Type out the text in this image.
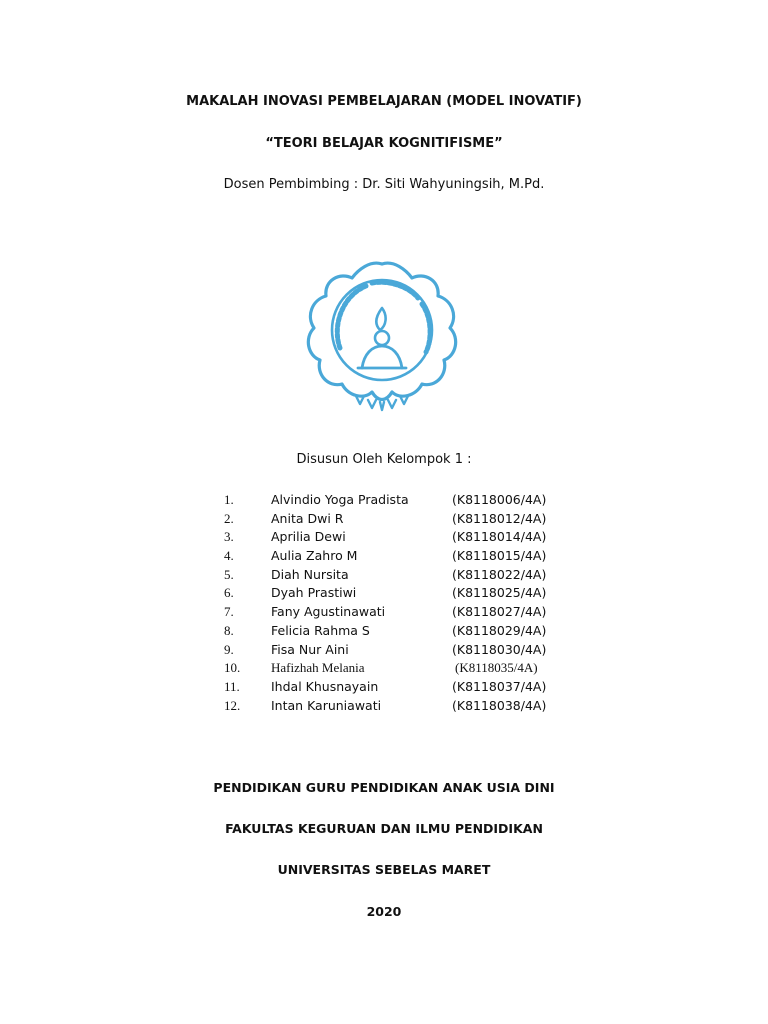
MAKALAH INOVASI PEMBELAJARAN (MODEL INOVATIF)
“TEORI BELAJAR KOGNITIFISME”
Dosen Pembimbing : Dr. Siti Wahyuningsih, M.Pd.
Disusun Oleh Kelompok 1 :
1.	Alvindio Yoga Pradista	(K8118006/4A)
2.	Anita Dwi R	(K8118012/4A)
3.	Aprilia Dewi	(K8118014/4A)
4.	Aulia Zahro M	(K8118015/4A)
5.	Diah Nursita	(K8118022/4A)
6.	Dyah Prastiwi	(K8118025/4A)
7.	Fany Agustinawati	(K8118027/4A)
8.	Felicia Rahma S	(K8118029/4A)
9.	Fisa Nur Aini	(K8118030/4A)
10.	Hafizhah Melania	(K8118035/4A)
11.	Ihdal Khusnayain	(K8118037/4A)
12.	Intan Karuniawati	(K8118038/4A)
PENDIDIKAN GURU PENDIDIKAN ANAK USIA DINI
FAKULTAS KEGURUAN DAN ILMU PENDIDIKAN
UNIVERSITAS SEBELAS MARET
2020
